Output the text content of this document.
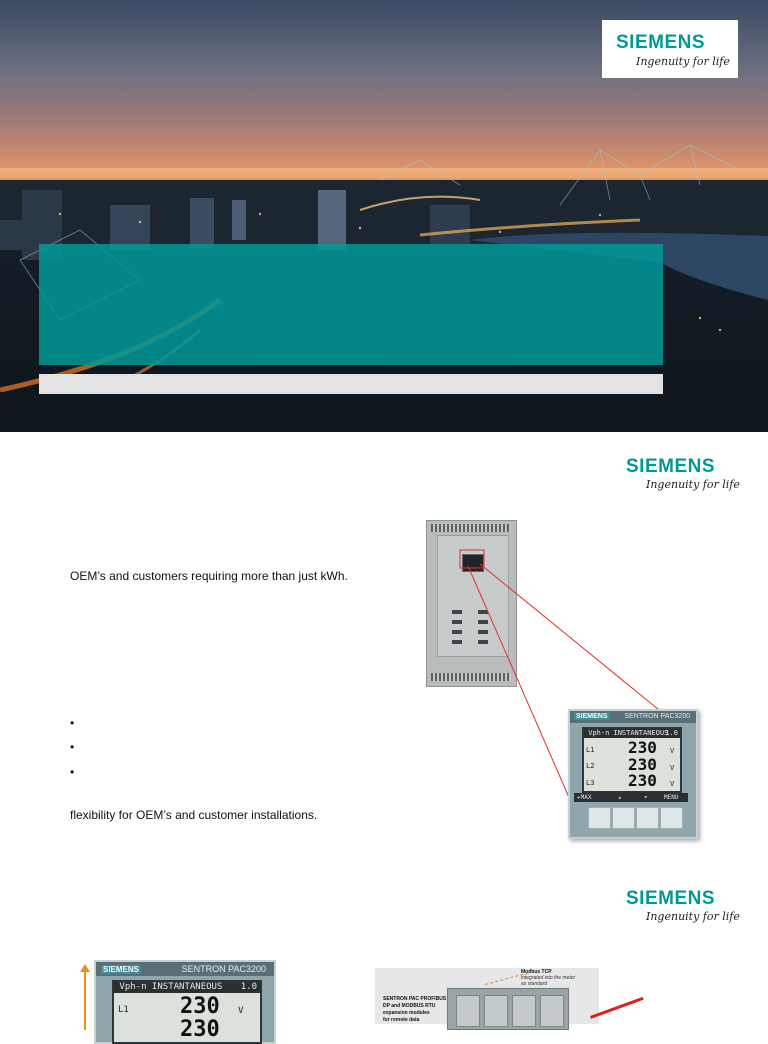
SIEMENS
Ingenuity for life
SIEMENS
Ingenuity for life
OEM’s and customers requiring more than just kWh.
•
•
•
flexibility for OEM’s and customer installations.
SIEMENS SENTRON PAC3200
Vph-n INSTANTANEOUS
1.0
L1 230 V
L2 230 V
L3 230 V
▸MAX	▴	▾	MENU
SIEMENS
Ingenuity for life
SIEMENS	SENTRON PAC3200
Vph-n INSTANTANEOUS 1.0
L1 230 V
230
Modbus TCP
integrated into the meter
as standard
SENTRON PAC PROFIBUS
DP and MODBUS RTU
expansion modules
for remote data
